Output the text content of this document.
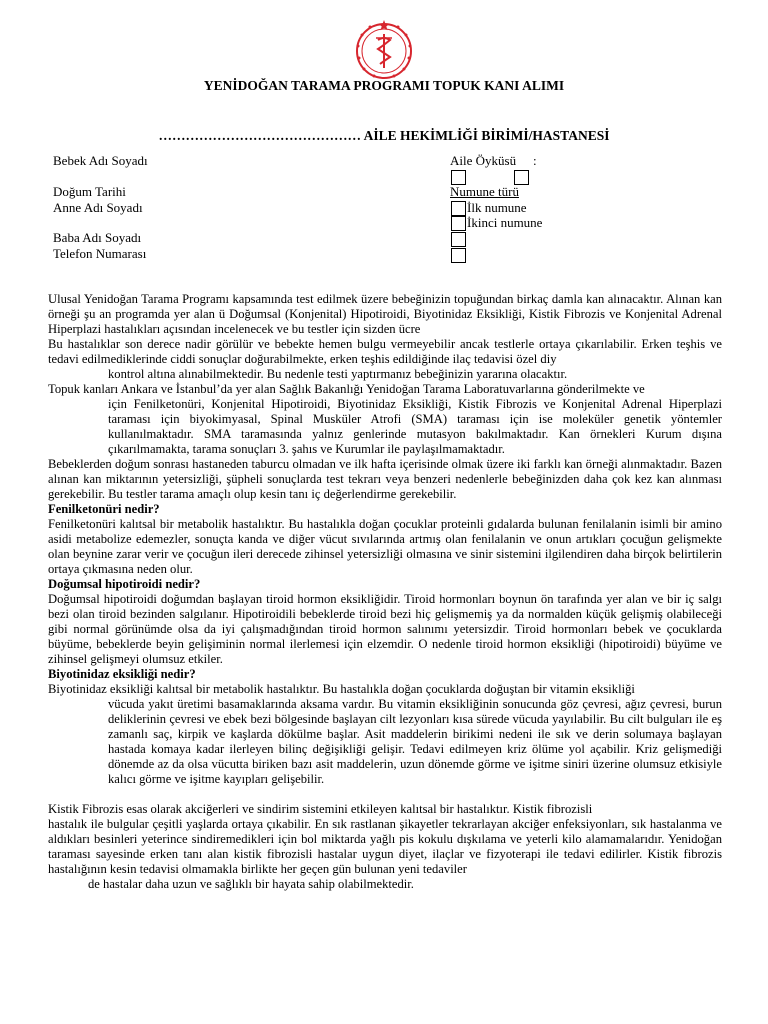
YENİDOĞAN TARAMA PROGRAMI TOPUK KANI ALIMI
……………………………………… AİLE HEKİMLİĞİ BİRİMİ/HASTANESİ
Bebek Adı Soyadı
Doğum Tarihi
Anne Adı Soyadı
Baba Adı Soyadı
Telefon Numarası
Aile Öyküsü :
Numune türü
İlk numune
İkinci numune

Ulusal Yenidoğan Tarama Programı kapsamında test edilmek üzere bebeğinizin topuğundan birkaç damla kan alınacaktır. Alınan kan örneği şu an programda yer alan ü Doğumsal (Konjenital) Hipotiroidi, Biyotinidaz Eksikliği, Kistik Fibrozis ve Konjenital Adrenal Hiperplazi hastalıkları açısından incelenecek ve bu testler için sizden ücre

Bu hastalıklar son derece nadir görülür ve bebekte hemen bulgu vermeyebilir ancak testlerle ortaya çıkarılabilir. Erken teşhis ve tedavi edilmediklerinde ciddi sonuçlar doğurabilmekte, erken teşhis edildiğinde ilaç tedavisi özel diy

kontrol altına alınabilmektedir. Bu nedenle testi yaptırmanız bebeğinizin yararına olacaktır.

Topuk kanları Ankara ve İstanbul’da yer alan Sağlık Bakanlığı Yenidoğan Tarama Laboratuvarlarına gönderilmekte ve

için Fenilketonüri, Konjenital Hipotiroidi, Biyotinidaz Eksikliği, Kistik Fibrozis ve Konjenital Adrenal Hiperplazi taraması için biyokimyasal, Spinal Musküler Atrofi (SMA) taraması için ise moleküler genetik yöntemler kullanılmaktadır. SMA taramasında yalnız genlerinde mutasyon bakılmaktadır. Kan örnekleri Kurum dışına çıkarılmamakta, tarama sonuçları 3. şahıs ve Kurumlar ile paylaşılmamaktadır.

Bebeklerden doğum sonrası hastaneden taburcu olmadan ve ilk hafta içerisinde olmak üzere iki farklı kan örneği alınmaktadır. Bazen alınan kan miktarının yetersizliği, şüpheli sonuçlarda test tekrarı veya benzeri nedenlerle bebeğinizden daha çok kez kan alınması gerekebilir. Bu testler tarama amaçlı olup kesin tanı iç değerlendirme gerekebilir.

Fenilketonüri nedir?

Fenilketonüri kalıtsal bir metabolik hastalıktır. Bu hastalıkla doğan çocuklar proteinli gıdalarda bulunan fenilalanin isimli bir amino asidi metabolize edemezler, sonuçta kanda ve diğer vücut sıvılarında artmış olan fenilalanin ve onun artıkları çocuğun gelişmekte olan beynine zarar verir ve çocuğun ileri derecede zihinsel yetersizliği olmasına ve sinir sistemini ilgilendiren daha birçok belirtilerin ortaya çıkmasına neden olur.

Doğumsal hipotiroidi nedir?

Doğumsal hipotiroidi doğumdan başlayan tiroid hormon eksikliğidir. Tiroid hormonları boynun ön tarafında yer alan ve bir iç salgı bezi olan tiroid bezinden salgılanır. Hipotiroidili bebeklerde tiroid bezi hiç gelişmemiş ya da normalden küçük gelişmiş olabileceği gibi normal görünümde olsa da iyi çalışmadığından tiroid hormon salınımı yetersizdir. Tiroid hormonları bebek ve çocuklarda büyüme, bebeklerde beyin gelişiminin normal ilerlemesi için elzemdir. O nedenle tiroid hormon eksikliği (hipotiroidi) büyüme ve zihinsel gelişmeyi olumsuz etkiler.

Biyotinidaz eksikliği nedir?

Biyotinidaz eksikliği kalıtsal bir metabolik hastalıktır. Bu hastalıkla doğan çocuklarda doğuştan bir vitamin eksikliği

vücuda yakıt üretimi basamaklarında aksama vardır. Bu vitamin eksikliğinin sonucunda göz çevresi, ağız çevresi, burun deliklerinin çevresi ve ebek bezi bölgesinde başlayan cilt lezyonları kısa sürede vücuda yayılabilir. Bu cilt bulguları ile eş zamanlı saç, kirpik ve kaşlarda dökülme başlar. Asit maddelerin birikimi nedeni ile sık ve derin solumaya başlayan hastada komaya kadar ilerleyen bilinç değişikliği gelişir. Tedavi edilmeyen kriz ölüme yol açabilir. Kriz gelişmediği dönemde az da olsa vücutta biriken bazı asit maddelerin, uzun dönemde görme ve işitme siniri üzerine olumsuz etkisiyle kalıcı görme ve işitme kayıpları gelişebilir.

Kistik Fibrozis esas olarak akciğerleri ve sindirim sistemini etkileyen kalıtsal bir hastalıktır. Kistik fibrozisli

hastalık ile bulgular çeşitli yaşlarda ortaya çıkabilir. En sık rastlanan şikayetler tekrarlayan akciğer enfeksiyonları, sık hastalanma ve aldıkları besinleri yeterince sindiremedikleri için bol miktarda yağlı pis kokulu dışkılama ve yeterli kilo alamamalarıdır. Yenidoğan taraması sayesinde erken tanı alan kistik fibrozisli hastalar uygun diyet, ilaçlar ve fizyoterapi ile tedavi edilirler. Kistik fibrozis hastalığının kesin tedavisi olmamakla birlikte her geçen gün bulunan yeni tedaviler

de hastalar daha uzun ve sağlıklı bir hayata sahip olabilmektedir.
